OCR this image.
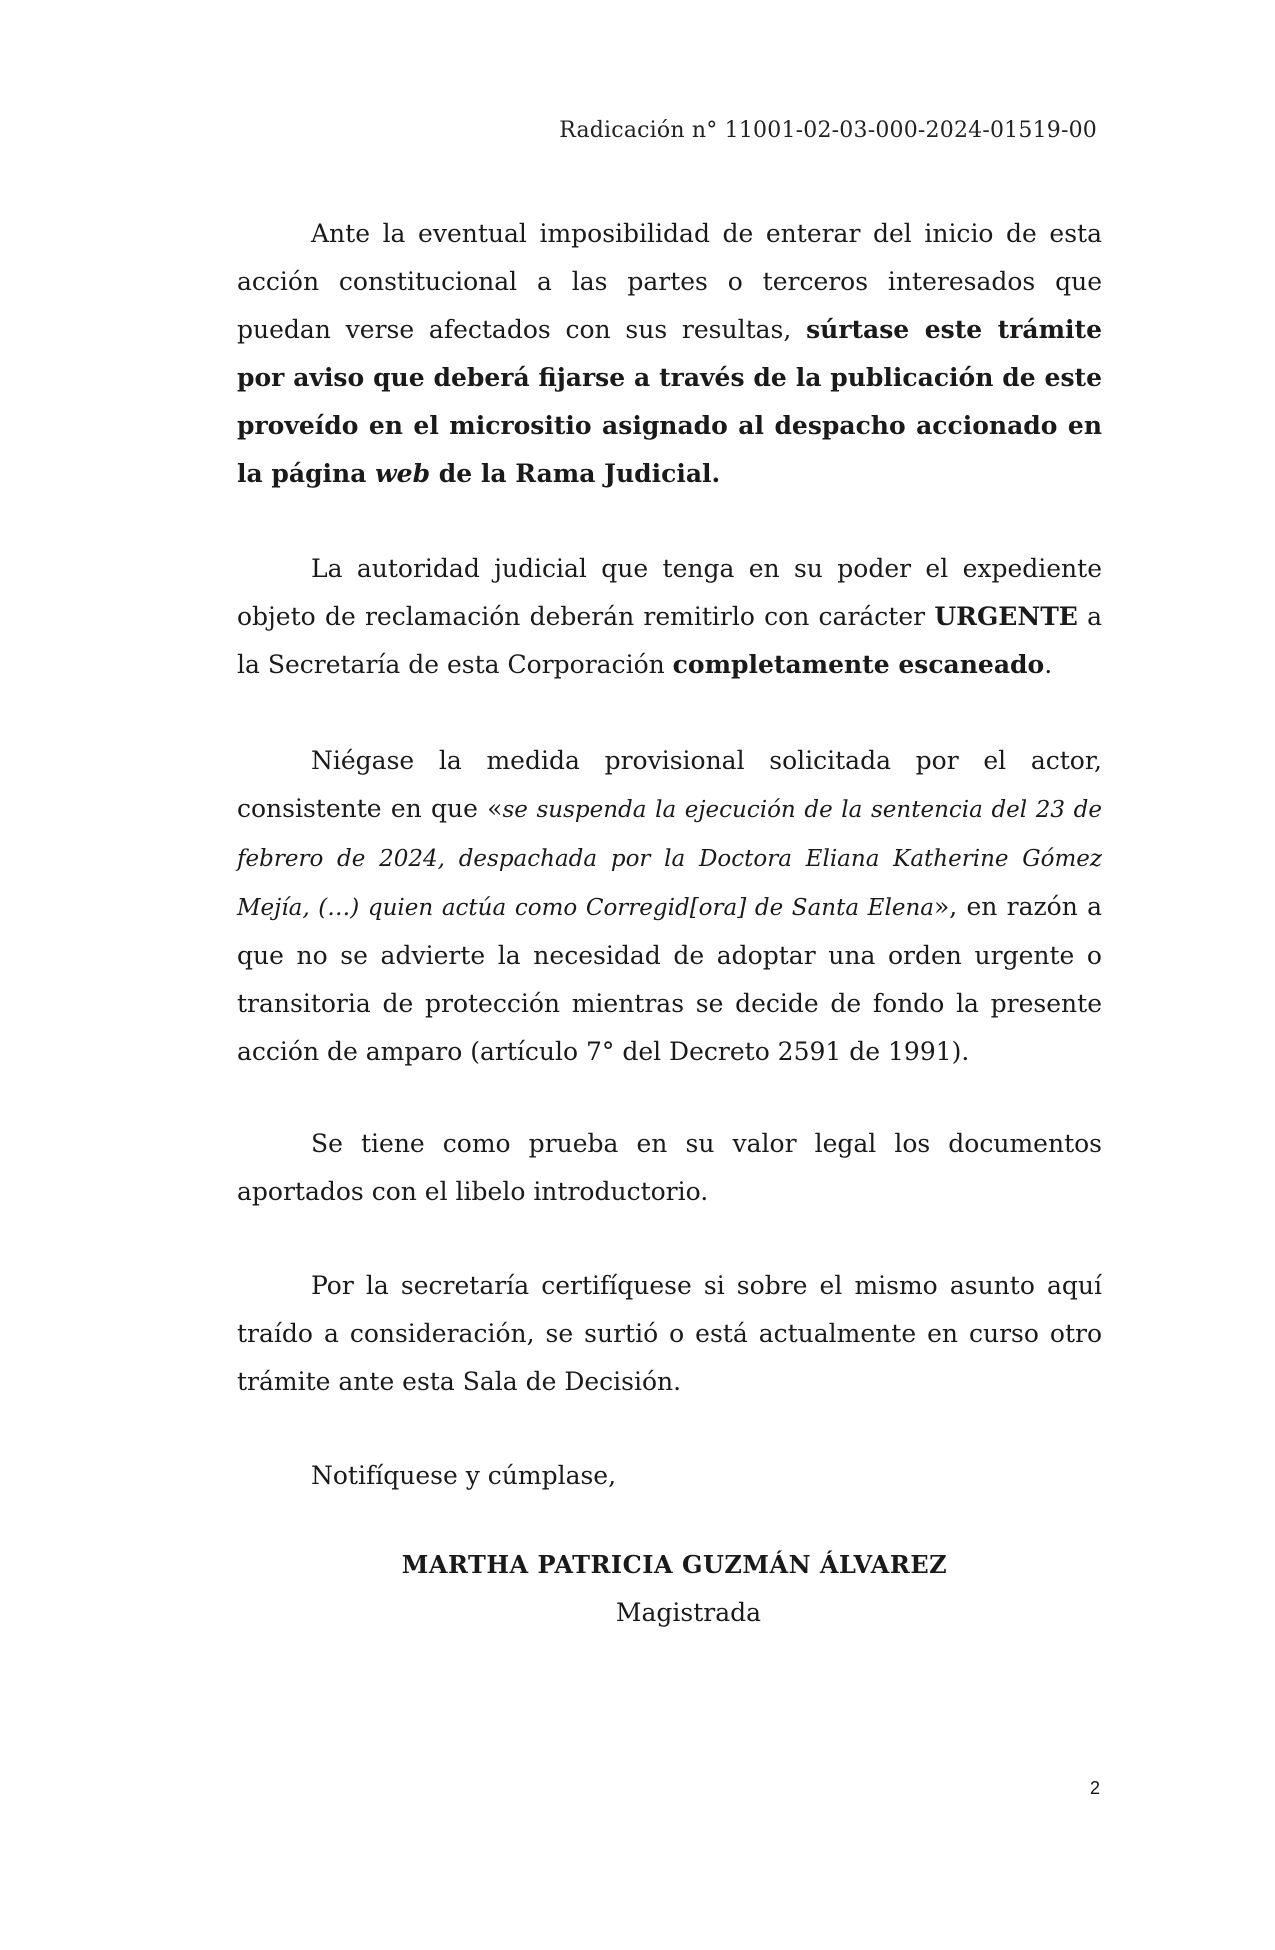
Radicación n° 11001-02-03-000-2024-01519-00

Ante la eventual imposibilidad de enterar del inicio de esta acción constitucional a las partes o terceros interesados que puedan verse afectados con sus resultas, súrtase este trámite por aviso que deberá fijarse a través de la publicación de este proveído en el micrositio asignado al despacho accionado en la página web de la Rama Judicial.

La autoridad judicial que tenga en su poder el expediente objeto de reclamación deberán remitirlo con carácter URGENTE a la Secretaría de esta Corporación completamente escaneado.

Niégase la medida provisional solicitada por el actor, consistente en que «se suspenda la ejecución de la sentencia del 23 de febrero de 2024, despachada por la Doctora Eliana Katherine Gómez Mejía, (…) quien actúa como Corregid[ora] de Santa Elena», en razón a que no se advierte la necesidad de adoptar una orden urgente o transitoria de protección mientras se decide de fondo la presente acción de amparo (artículo 7° del Decreto 2591 de 1991).

Se tiene como prueba en su valor legal los documentos aportados con el libelo introductorio.

Por la secretaría certifíquese si sobre el mismo asunto aquí traído a consideración, se surtió o está actualmente en curso otro trámite ante esta Sala de Decisión.

Notifíquese y cúmplase,

MARTHA PATRICIA GUZMÁN ÁLVAREZ
Magistrada
2
